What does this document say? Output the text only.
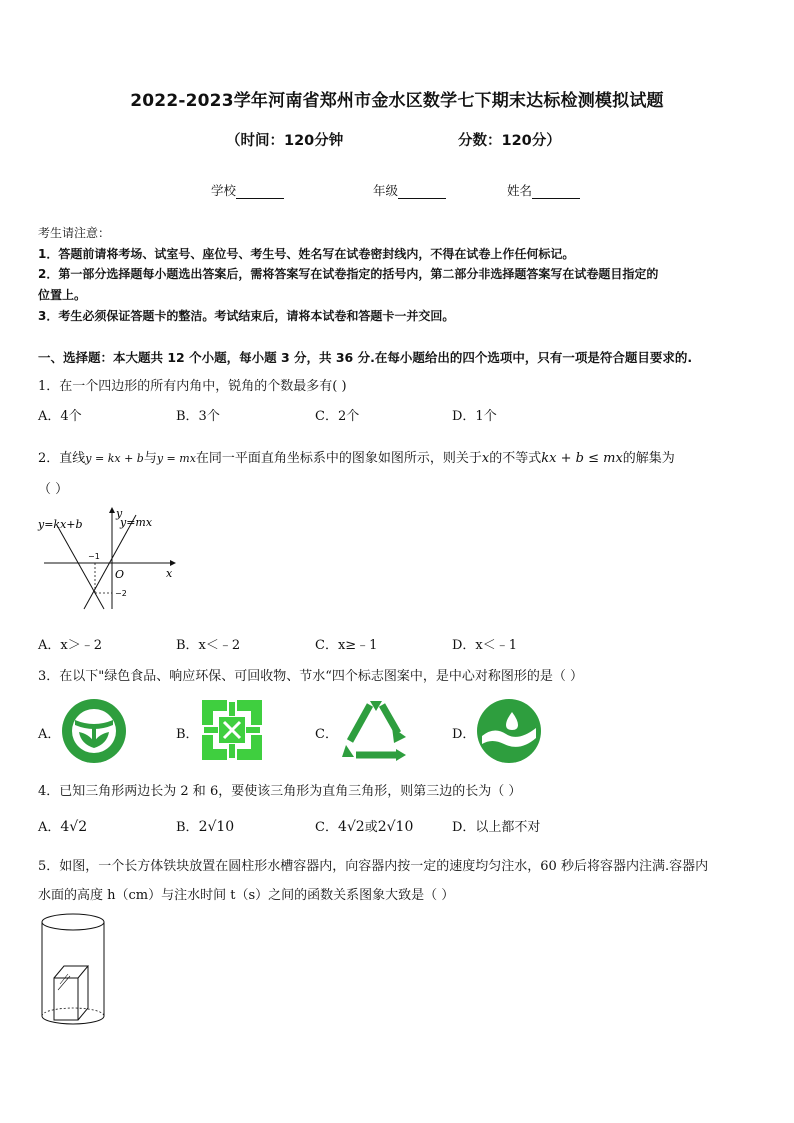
2022-2023学年河南省郑州市金水区数学七下期末达标检测模拟试题
（时间：120分钟	分数：120分）
学校	年级	姓名
考生请注意：
1．答题前请将考场、试室号、座位号、考生号、姓名写在试卷密封线内，不得在试卷上作任何标记。
2．第一部分选择题每小题选出答案后，需将答案写在试卷指定的括号内，第二部分非选择题答案写在试卷题目指定的
位置上。
3．考生必须保证答题卡的整洁。考试结束后，请将本试卷和答题卡一并交回。
一、选择题：本大题共 12 个小题，每小题 3 分，共 36 分.在每小题给出的四个选项中，只有一项是符合题目要求的.
1．在一个四边形的所有内角中，锐角的个数最多有( )
A．4个	B．3个	C．2个	D．1个
2．直线y = kx + b与y = mx在同一平面直角坐标系中的图象如图所示，则关于x的不等式kx + b ≤ mx的解集为
（ ）
y=kx+b	y=mx
y
x
O
−1
−2
A．x＞﹣2	B．x＜﹣2	C．x≥﹣1	D．x＜﹣1
3．在以下"绿色食品、响应环保、可回收物、节水“四个标志图案中，是中心对称图形的是（ ）
A．	B．	C．	D．
4．已知三角形两边长为 2 和 6，要使该三角形为直角三角形，则第三边的长为（ ）
A．4√2	B．2√10	C．4√2或2√10	D．以上都不对
5．如图，一个长方体铁块放置在圆柱形水槽容器内，向容器内按一定的速度均匀注水，60 秒后将容器内注满.容器内
水面的高度 h（cm）与注水时间 t（s）之间的函数关系图象大致是（ ）
